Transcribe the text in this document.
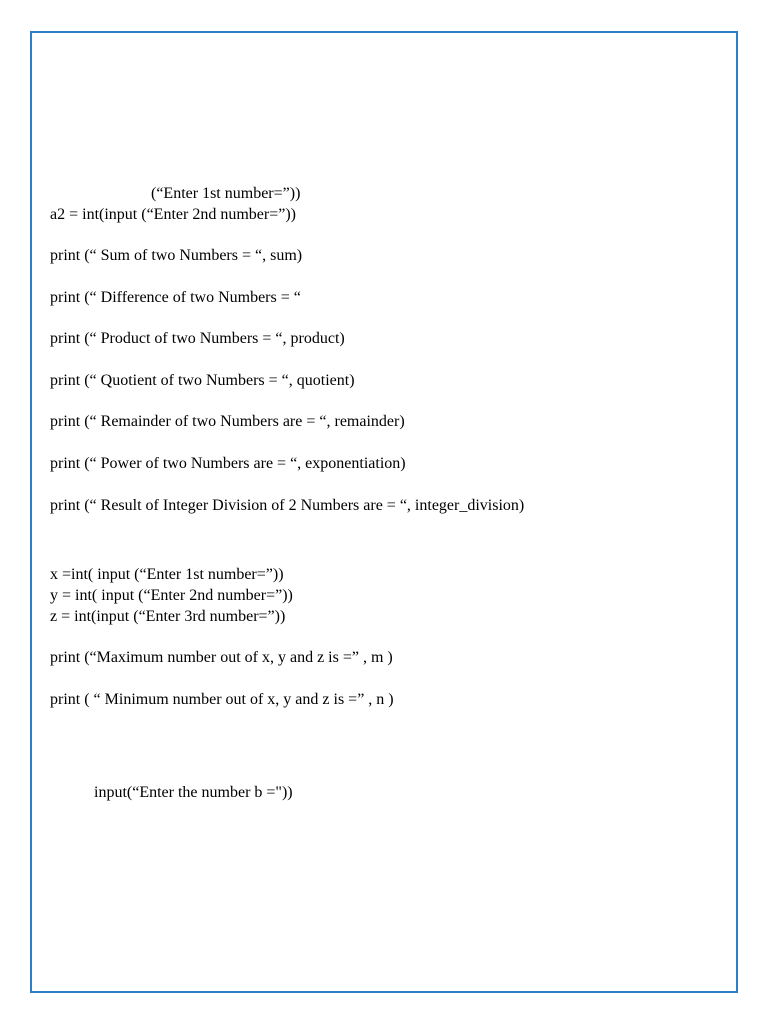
(“Enter 1st number=”))
a2 = int(input (“Enter 2nd number=”))
print (“ Sum of two Numbers = “, sum)
print (“ Difference of two Numbers = “
print (“ Product of two Numbers = “, product)
print (“ Quotient of two Numbers = “, quotient)
print (“ Remainder of two Numbers are = “, remainder)
print (“ Power of two Numbers are = “, exponentiation)
print (“ Result of Integer Division of 2 Numbers are = “, integer_division)
x =int( input (“Enter 1st number=”))
y = int( input (“Enter 2nd number=”))
z = int(input (“Enter 3rd number=”))
print (“Maximum number out of x, y and z is =” , m )
print ( “ Minimum number out of x, y and z is =” , n )
input(“Enter the number b ="))
